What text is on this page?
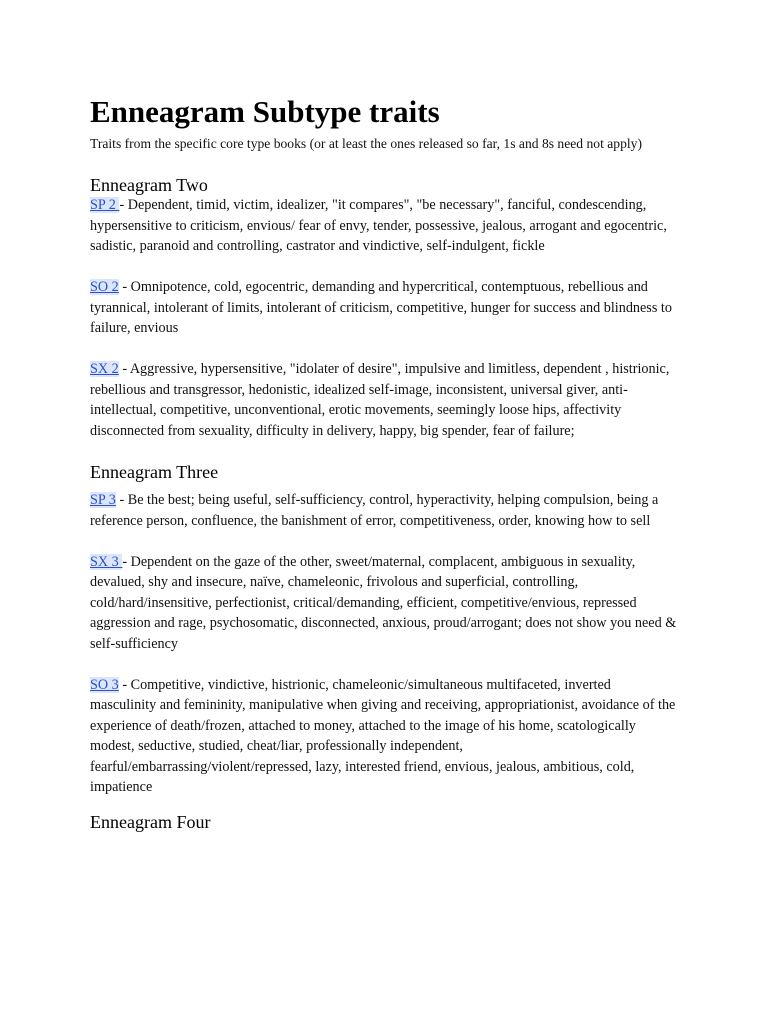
Enneagram Subtype traits

Traits from the specific core type books (or at least the ones released so far, 1s and 8s need not apply)

Enneagram Two

SP 2 - Dependent, timid, victim, idealizer, "it compares", "be necessary", fanciful, condescending, hypersensitive to criticism, envious/ fear of envy, tender, possessive, jealous, arrogant and egocentric, sadistic, paranoid and controlling, castrator and vindictive, self-indulgent, fickle

SO 2 - Omnipotence, cold, egocentric, demanding and hypercritical, contemptuous, rebellious and tyrannical, intolerant of limits, intolerant of criticism, competitive, hunger for success and blindness to failure, envious

SX 2 - Aggressive, hypersensitive, "idolater of desire", impulsive and limitless, dependent , histrionic, rebellious and transgressor, hedonistic, idealized self-image, inconsistent, universal giver, anti-intellectual, competitive, unconventional, erotic movements, seemingly loose hips, affectivity disconnected from sexuality, difficulty in delivery, happy, big spender, fear of failure;

Enneagram Three

SP 3 - Be the best; being useful, self-sufficiency, control, hyperactivity, helping compulsion, being a reference person, confluence, the banishment of error, competitiveness, order, knowing how to sell

SX 3 - Dependent on the gaze of the other, sweet/maternal, complacent, ambiguous in sexuality, devalued, shy and insecure, naïve, chameleonic, frivolous and superficial, controlling, cold/hard/insensitive, perfectionist, critical/demanding, efficient, competitive/envious, repressed aggression and rage, psychosomatic, disconnected, anxious, proud/arrogant; does not show you need & self-sufficiency

SO 3 - Competitive, vindictive, histrionic, chameleonic/simultaneous multifaceted, inverted masculinity and femininity, manipulative when giving and receiving, appropriationist, avoidance of the experience of death/frozen, attached to money, attached to the image of his home, scatologically modest, seductive, studied, cheat/liar, professionally independent, fearful/embarrassing/violent/repressed, lazy, interested friend, envious, jealous, ambitious, cold, impatience

Enneagram Four
